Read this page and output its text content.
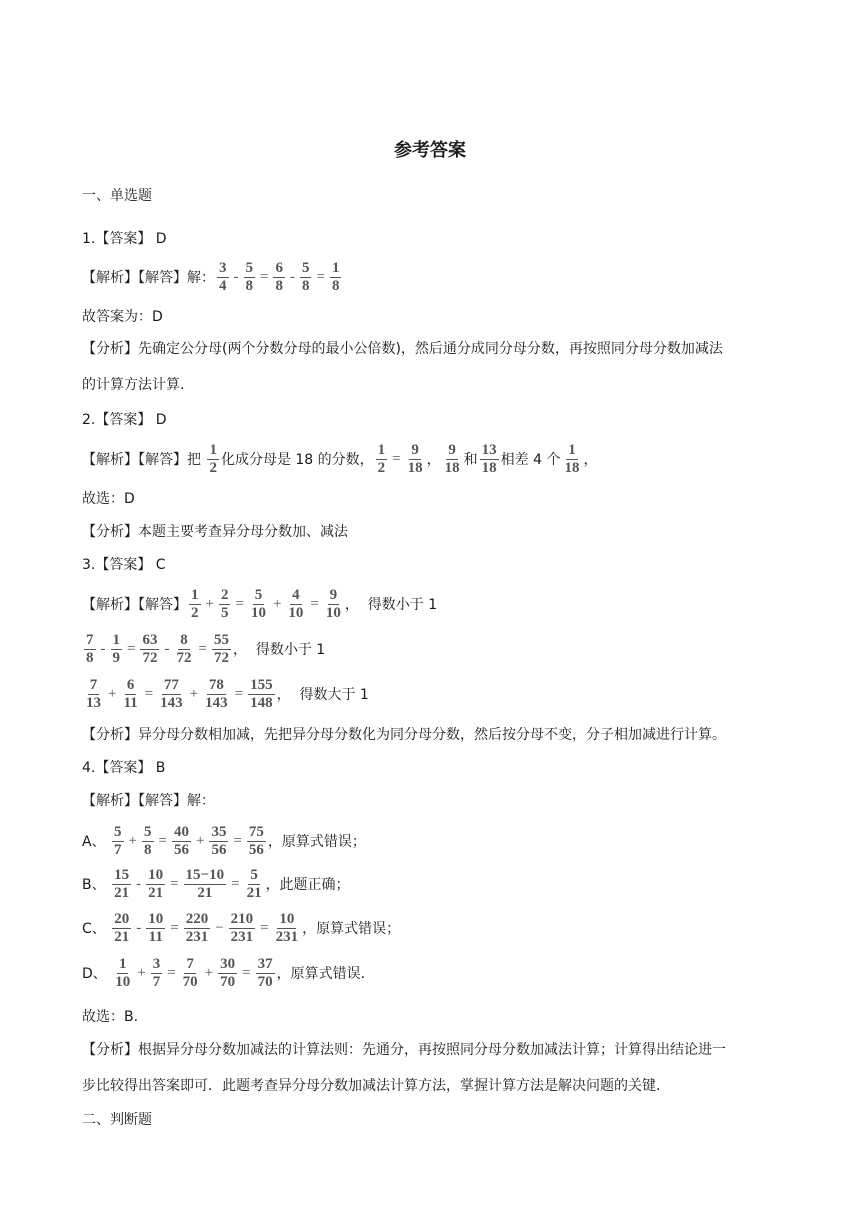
参考答案
一、单选题
1.【答案】 D
【解析】【解答】解： $\frac{3}{4} - \frac{5}{8} = \frac{6}{8} - \frac{5}{8} = \frac{1}{8}$
故答案为：D
【分析】先确定公分母(两个分数分母的最小公倍数)，然后通分成同分母分数，再按照同分母分数加减法
的计算方法计算.
2.【答案】 D
【解析】【解答】把 $\frac{1}{2}$ 化成分母是 18 的分数， $\frac{1}{2} = \frac{9}{18}$ ， $\frac{9}{18}$ 和 $\frac{13}{18}$ 相差 4 个 $\frac{1}{18}$ ，
故选：D
【分析】本题主要考查异分母分数加、减法
3.【答案】 C
【解析】【解答】 $\frac{1}{2} + \frac{2}{5} = \frac{5}{10} + \frac{4}{10} = \frac{9}{10}$ ，  得数小于 1
$\frac{7}{8} - \frac{1}{9} = \frac{63}{72} - \frac{8}{72} = \frac{55}{72}$ ，  得数小于 1
$\frac{7}{13} + \frac{6}{11} = \frac{77}{143} + \frac{78}{143} = \frac{155}{148}$ ，  得数大于 1
【分析】异分母分数相加减，先把异分母分数化为同分母分数，然后按分母不变，分子相加减进行计算。
4.【答案】 B
【解析】【解答】解：
A、 $\frac{5}{7} + \frac{5}{8} = \frac{40}{56} + \frac{35}{56} = \frac{75}{56}$ ，原算式错误；
B、 $\frac{15}{21} - \frac{10}{21} = \frac{15-10}{21} = \frac{5}{21}$ ，此题正确；
C、 $\frac{20}{21} - \frac{10}{11} = \frac{220}{231} - \frac{210}{231} = \frac{10}{231}$ ，原算式错误；
D、 $\frac{1}{10} + \frac{3}{7} = \frac{7}{70} + \frac{30}{70} = \frac{37}{70}$ ，原算式错误.
故选：B.
【分析】根据异分母分数加减法的计算法则：先通分，再按照同分母分数加减法计算；计算得出结论进一
步比较得出答案即可．此题考查异分母分数加减法计算方法，掌握计算方法是解决问题的关键.
二、判断题
